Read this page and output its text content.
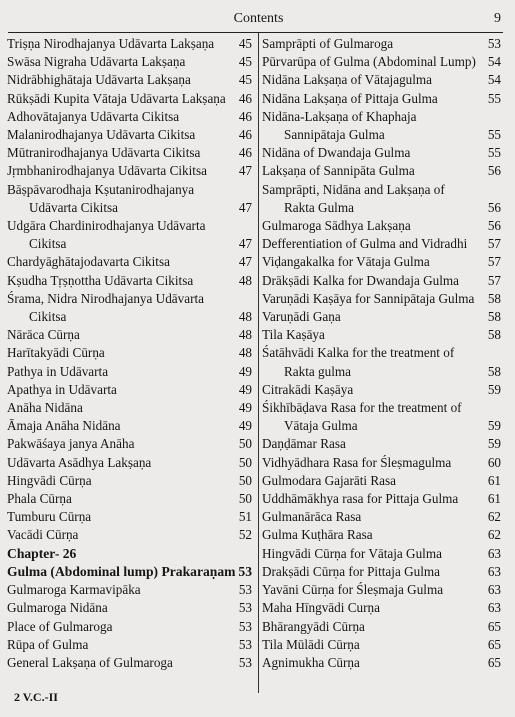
Contents	9
Triṣṇa Nirodhajanya Udāvarta Lakṣaṇa	45
Swāsa Nigraha Udāvarta Lakṣaṇa	45
Nidrābhighātaja Udāvarta Lakṣaṇa	45
Rūkṣādi Kupita Vātaja Udāvarta Lakṣaṇa 46
Adhovātajanya Udāvarta Cikitsa	46
Malanirodhajanya Udāvarta Cikitsa	46
Mūtranirodhajanya Udāvarta Cikitsa	46
Jṛmbhanirodhajanya Udāvarta Cikitsa	47
Bāṣpāvarodhaja Kṣutanirodhajanya
Udāvarta Cikitsa	47
Udgāra Chardinirodhajanya Udāvarta
Cikitsa	47
Chardyāghātajodavarta Cikitsa	47
Kṣudha Tṛṣṇottha Udāvarta Cikitsa	48
Śrama, Nidra Nirodhajanya Udāvarta
Cikitsa	48
Nārāca Cūrṇa	48
Harītakyādi Cūrṇa	48
Pathya in Udāvarta	49
Apathya in Udāvarta	49
Anāha Nidāna	49
Āmaja Anāha Nidāna	49
Pakwāśaya janya Anāha	50
Udāvarta Asādhya Lakṣaṇa	50
Hingvādi Cūrṇa	50
Phala Cūrṇa	50
Tumburu Cūrṇa	51
Vacādi Cūrṇa	52
Chapter- 26
Gulma (Abdominal lump) Prakaraṇam 53
Gulmaroga Karmavipāka	53
Gulmaroga Nidāna	53
Place of Gulmaroga	53
Rūpa of Gulma	53
General Lakṣaṇa of Gulmaroga	53
Samprāpti of Gulmaroga	53
Pūrvarūpa of Gulma (Abdominal Lump) 54
Nidāna Lakṣaṇa of Vātajagulma	54
Nidāna Lakṣaṇa of Pittaja Gulma	55
Nidāna-Lakṣaṇa of Khaphaja
Sannipātaja Gulma	55
Nidāna of Dwandaja Gulma	55
Lakṣaṇa of Sannipāta Gulma	56
Samprāpti, Nidāna and Lakṣaṇa of
Rakta Gulma	56
Gulmaroga Sādhya Lakṣaṇa	56
Defferentiation of Gulma and Vidradhi	57
Viḍangakalka for Vātaja Gulma	57
Drākṣādi Kalka for Dwandaja Gulma	57
Varuṇādi Kaṣāya for Sannipātaja Gulma	58
Varuṇādi Gaṇa	58
Tila Kaṣāya	58
Śatāhvādi Kalka for the treatment of
Rakta gulma	58
Citrakādi Kaṣāya	59
Śikhībāḍava Rasa for the treatment of
Vātaja Gulma	59
Daṇḍāmar Rasa	59
Vidhyādhara Rasa for Śleṣmagulma	60
Gulmodara Gajarāti Rasa	61
Uddhāmākhya rasa for Pittaja Gulma	61
Gulmanārāca Rasa	62
Gulma Kuṭhāra Rasa	62
Hingvādi Cūrṇa for Vātaja Gulma	63
Drakṣādi Cūrṇa for Pittaja Gulma	63
Yavāni Cūrṇa for Śleṣmaja Gulma	63
Maha Hīngvādi Curṇa	63
Bhārangyādi Cūrṇa	65
Tila Mūlādi Cūrṇa	65
Agnimukha Cūrṇa	65
2 V.C.-II
